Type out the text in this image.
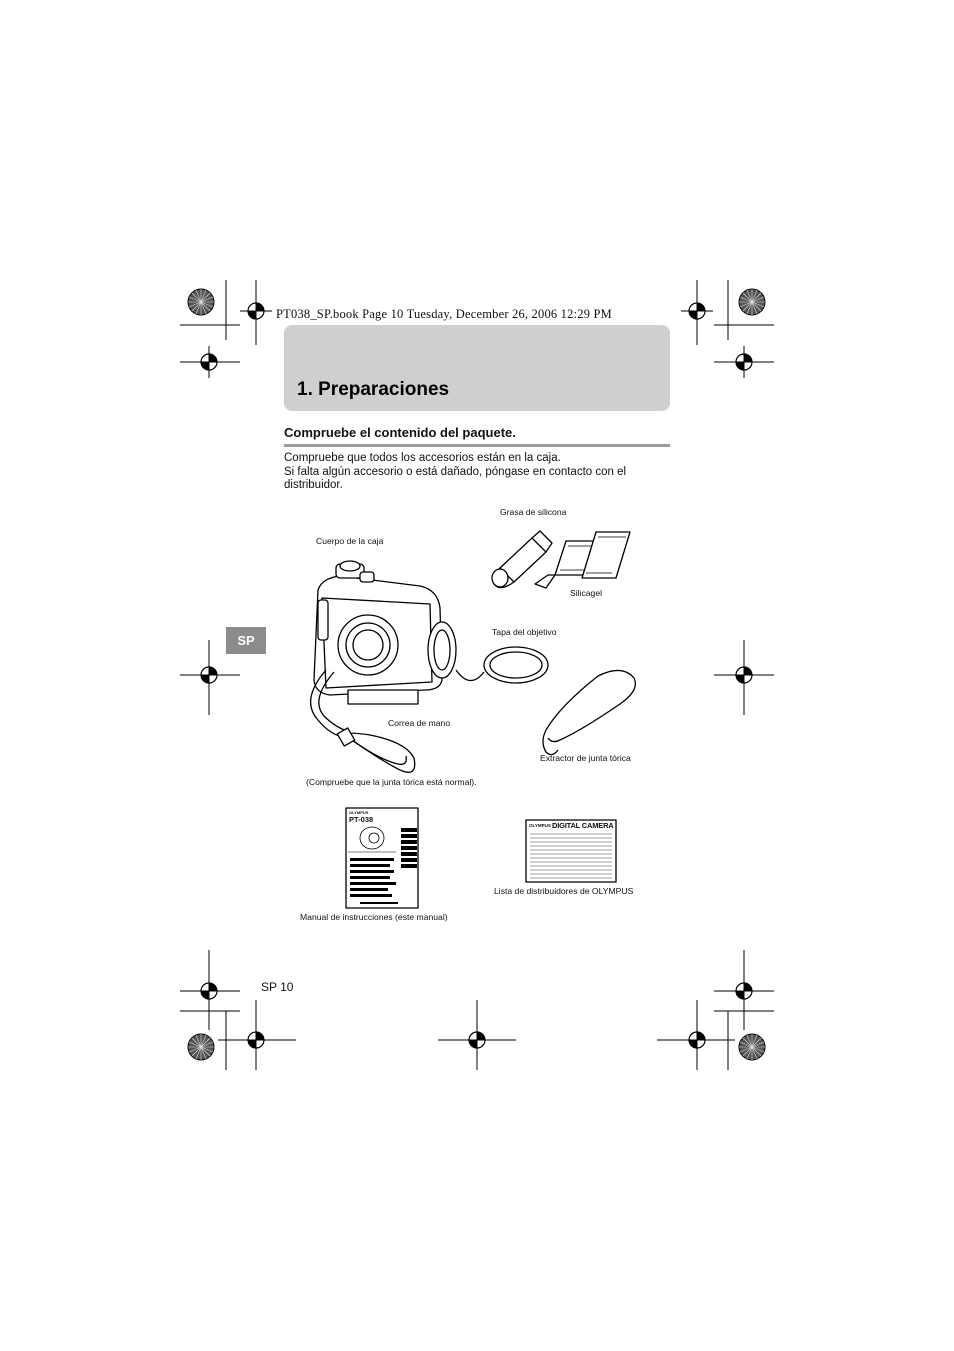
PT038_SP.book Page 10 Tuesday, December 26, 2006 12:29 PM
1. Preparaciones
Compruebe el contenido del paquete.
Compruebe que todos los accesorios están en la caja.
Si falta algún accesorio o está dañado, póngase en contacto con el
distribuidor.
OLYMPUS
PT-038
OLYMPUS DIGITAL CAMERA
Grasa de silicona
Cuerpo de la caja
Silicagel
Tapa del objetivo
Correa de mano
Extractor de junta tórica
(Compruebe que la junta tórica está normal).
Lista de distribuidores de OLYMPUS
Manual de instrucciones (este manual)
SP
SP 10
